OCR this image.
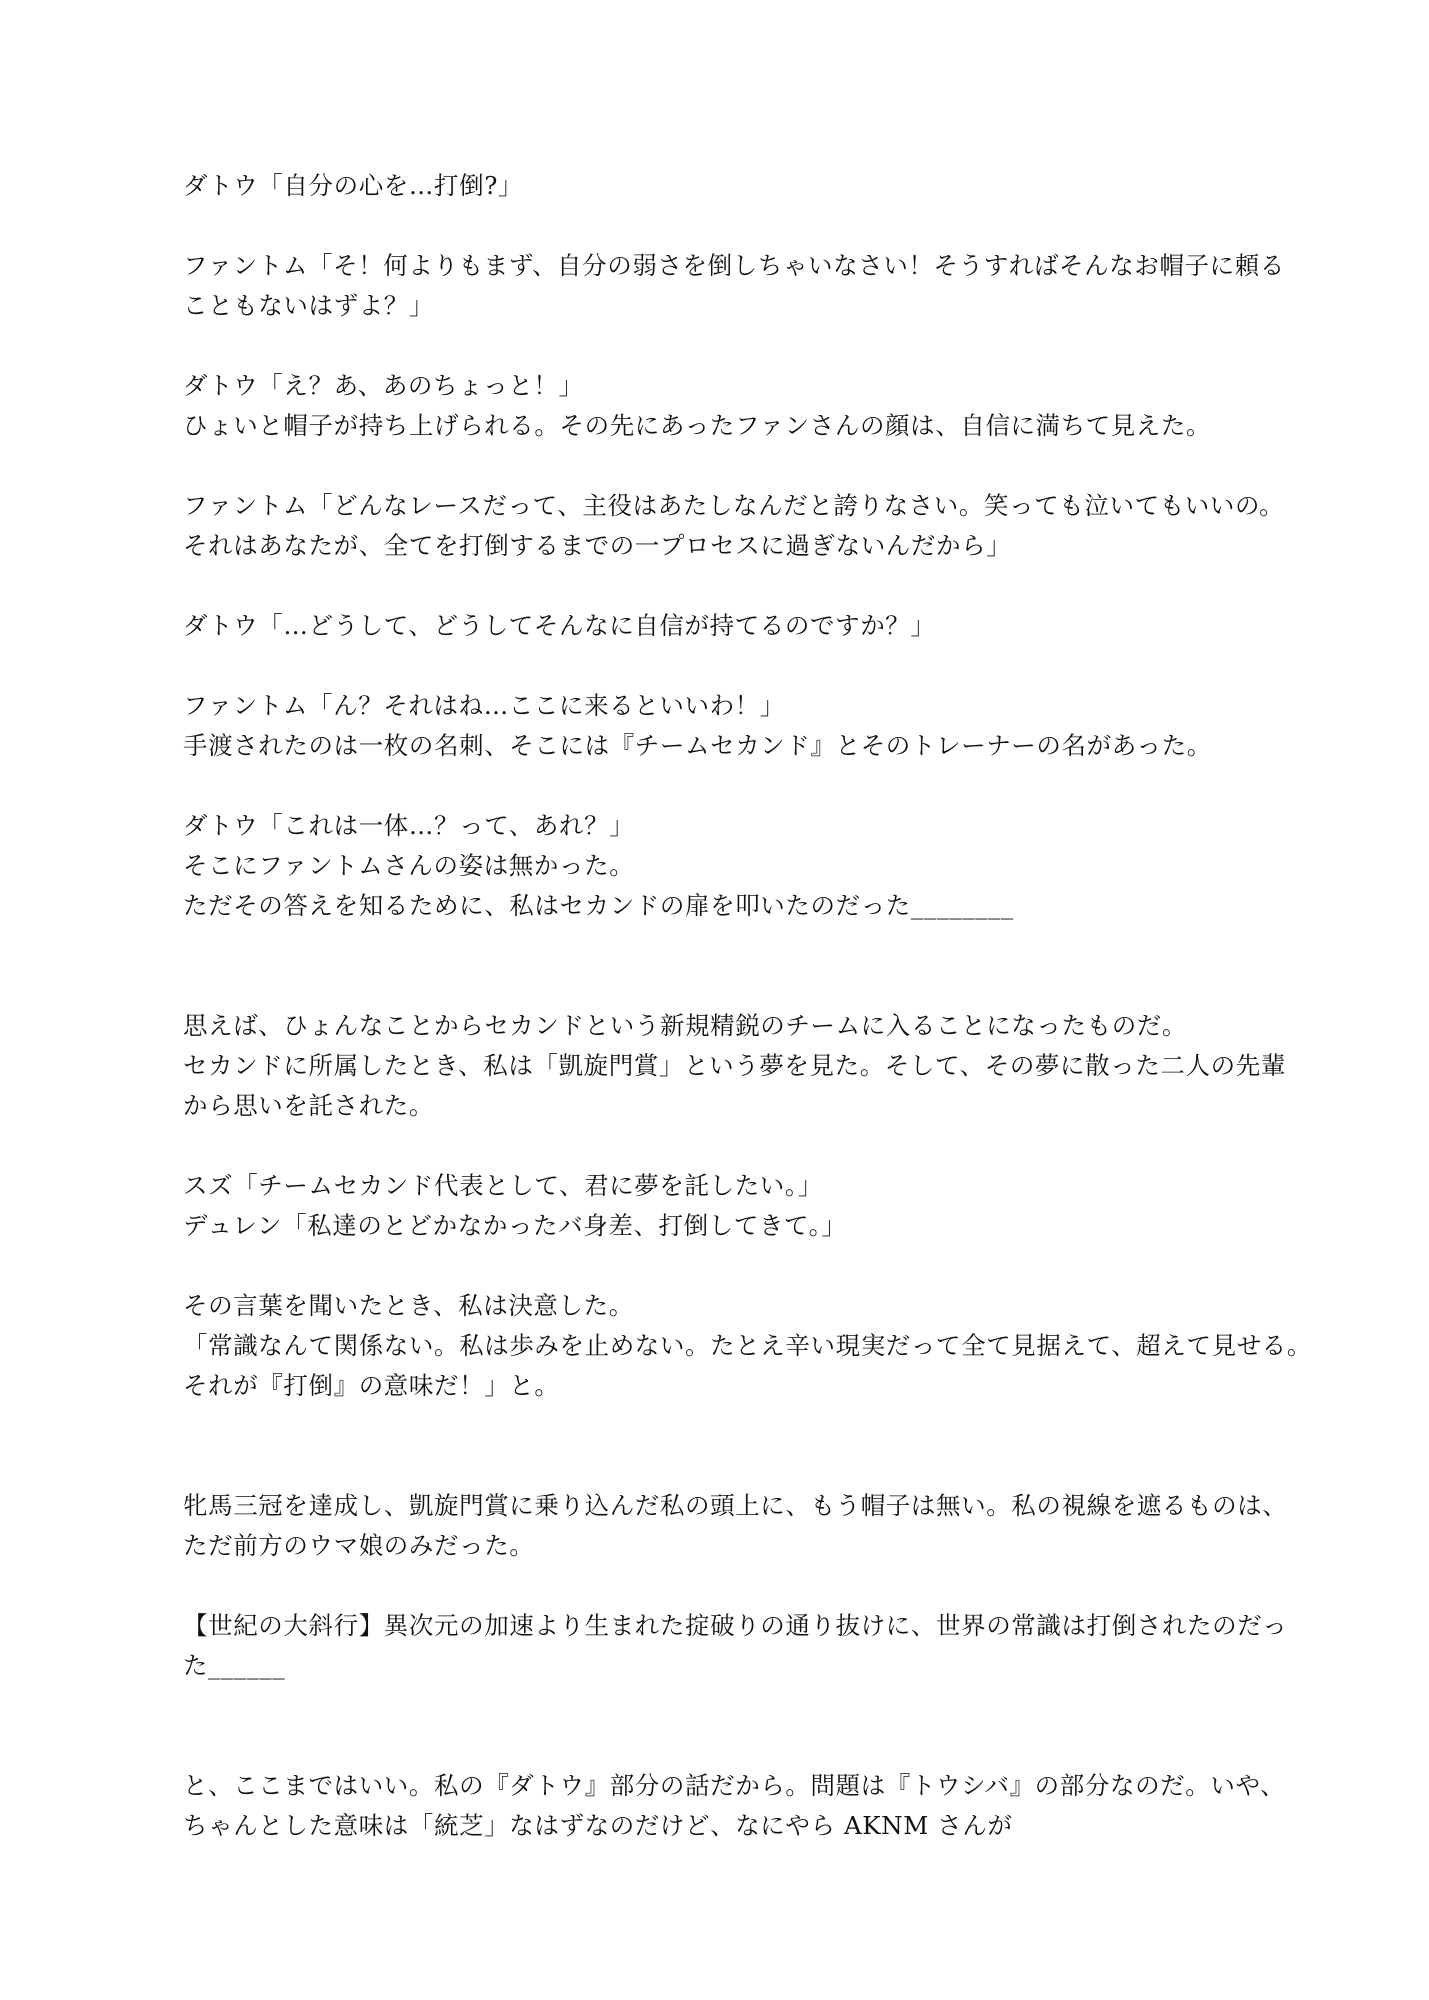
ダトウ「自分の心を…打倒?」
ファントム「そ！何よりもまず、自分の弱さを倒しちゃいなさい！そうすればそんなお帽子に頼る
こともないはずよ？」
ダトウ「え？あ、あのちょっと！」
ひょいと帽子が持ち上げられる。その先にあったファンさんの顔は、自信に満ちて見えた。
ファントム「どんなレースだって、主役はあたしなんだと誇りなさい。笑っても泣いてもいいの。
それはあなたが、全てを打倒するまでの一プロセスに過ぎないんだから」
ダトウ「…どうして、どうしてそんなに自信が持てるのですか？」
ファントム「ん？それはね…ここに来るといいわ！」
手渡されたのは一枚の名刺、そこには『チームセカンド』とそのトレーナーの名があった。
ダトウ「これは一体…？って、あれ？」
そこにファントムさんの姿は無かった。
ただその答えを知るために、私はセカンドの扉を叩いたのだった________
思えば、ひょんなことからセカンドという新規精鋭のチームに入ることになったものだ。
セカンドに所属したとき、私は「凱旋門賞」という夢を見た。そして、その夢に散った二人の先輩
から思いを託された。
スズ「チームセカンド代表として、君に夢を託したい。」
デュレン「私達のとどかなかったバ身差、打倒してきて。」
その言葉を聞いたとき、私は決意した。
「常識なんて関係ない。私は歩みを止めない。たとえ辛い現実だって全て見据えて、超えて見せる。
それが『打倒』の意味だ！」と。
牝馬三冠を達成し、凱旋門賞に乗り込んだ私の頭上に、もう帽子は無い。私の視線を遮るものは、
ただ前方のウマ娘のみだった。
【世紀の大斜行】異次元の加速より生まれた掟破りの通り抜けに、世界の常識は打倒されたのだっ
た______
と、ここまではいい。私の『ダトウ』部分の話だから。問題は『トウシバ』の部分なのだ。いや、
ちゃんとした意味は「統芝」なはずなのだけど、なにやら AKNM さんが
